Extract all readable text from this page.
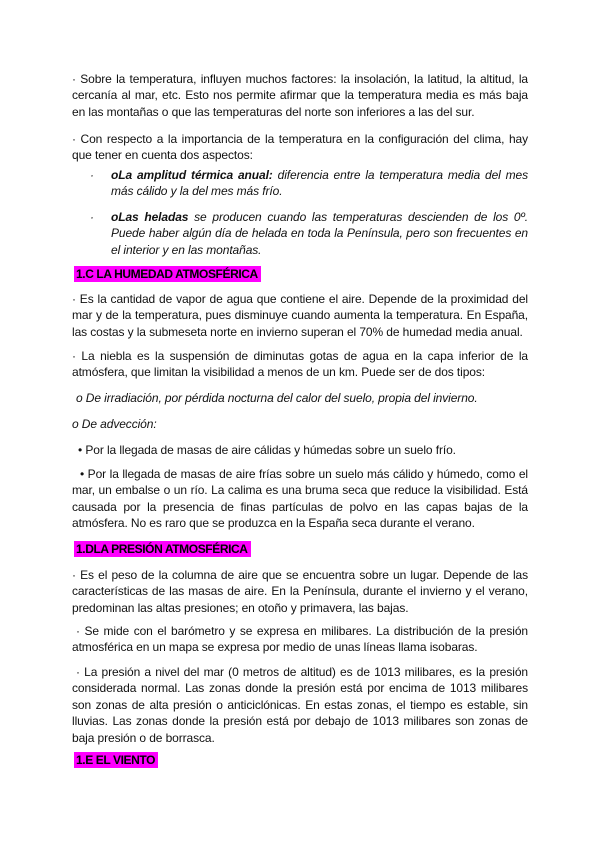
· Sobre la temperatura, influyen muchos factores: la insolación, la latitud, la altitud, la cercanía al mar, etc. Esto nos permite afirmar que la temperatura media es más baja en las montañas o que las temperaturas del norte son inferiores a las del sur.
· Con respecto a la importancia de la temperatura en la configuración del clima, hay que tener en cuenta dos aspectos:
· oLa amplitud térmica anual: diferencia entre la temperatura media del mes más cálido y la del mes más frío.
· oLas heladas se producen cuando las temperaturas descienden de los 0º. Puede haber algún día de helada en toda la Península, pero son frecuentes en el interior y en las montañas.
1.C LA HUMEDAD ATMOSFÉRICA
· Es la cantidad de vapor de agua que contiene el aire. Depende de la proximidad del mar y de la temperatura, pues disminuye cuando aumenta la temperatura. En España, las costas y la submeseta norte en invierno superan el 70% de humedad media anual.
· La niebla es la suspensión de diminutas gotas de agua en la capa inferior de la atmósfera, que limitan la visibilidad a menos de un km. Puede ser de dos tipos:
o De irradiación, por pérdida nocturna del calor del suelo, propia del invierno.
o De advección:
• Por la llegada de masas de aire cálidas y húmedas sobre un suelo frío.
• Por la llegada de masas de aire frías sobre un suelo más cálido y húmedo, como el mar, un embalse o un río. La calima es una bruma seca que reduce la visibilidad. Está causada por la presencia de finas partículas de polvo en las capas bajas de la atmósfera. No es raro que se produzca en la España seca durante el verano.
1.DLA PRESIÓN ATMOSFÉRICA
· Es el peso de la columna de aire que se encuentra sobre un lugar. Depende de las características de las masas de aire. En la Península, durante el invierno y el verano, predominan las altas presiones; en otoño y primavera, las bajas.
· Se mide con el barómetro y se expresa en milibares. La distribución de la presión atmosférica en un mapa se expresa por medio de unas líneas llama isobaras.
· La presión a nivel del mar (0 metros de altitud) es de 1013 milibares, es la presión considerada normal. Las zonas donde la presión está por encima de 1013 milibares son zonas de alta presión o anticiclónicas. En estas zonas, el tiempo es estable, sin lluvias. Las zonas donde la presión está por debajo de 1013 milibares son zonas de baja presión o de borrasca.
1.E EL VIENTO
